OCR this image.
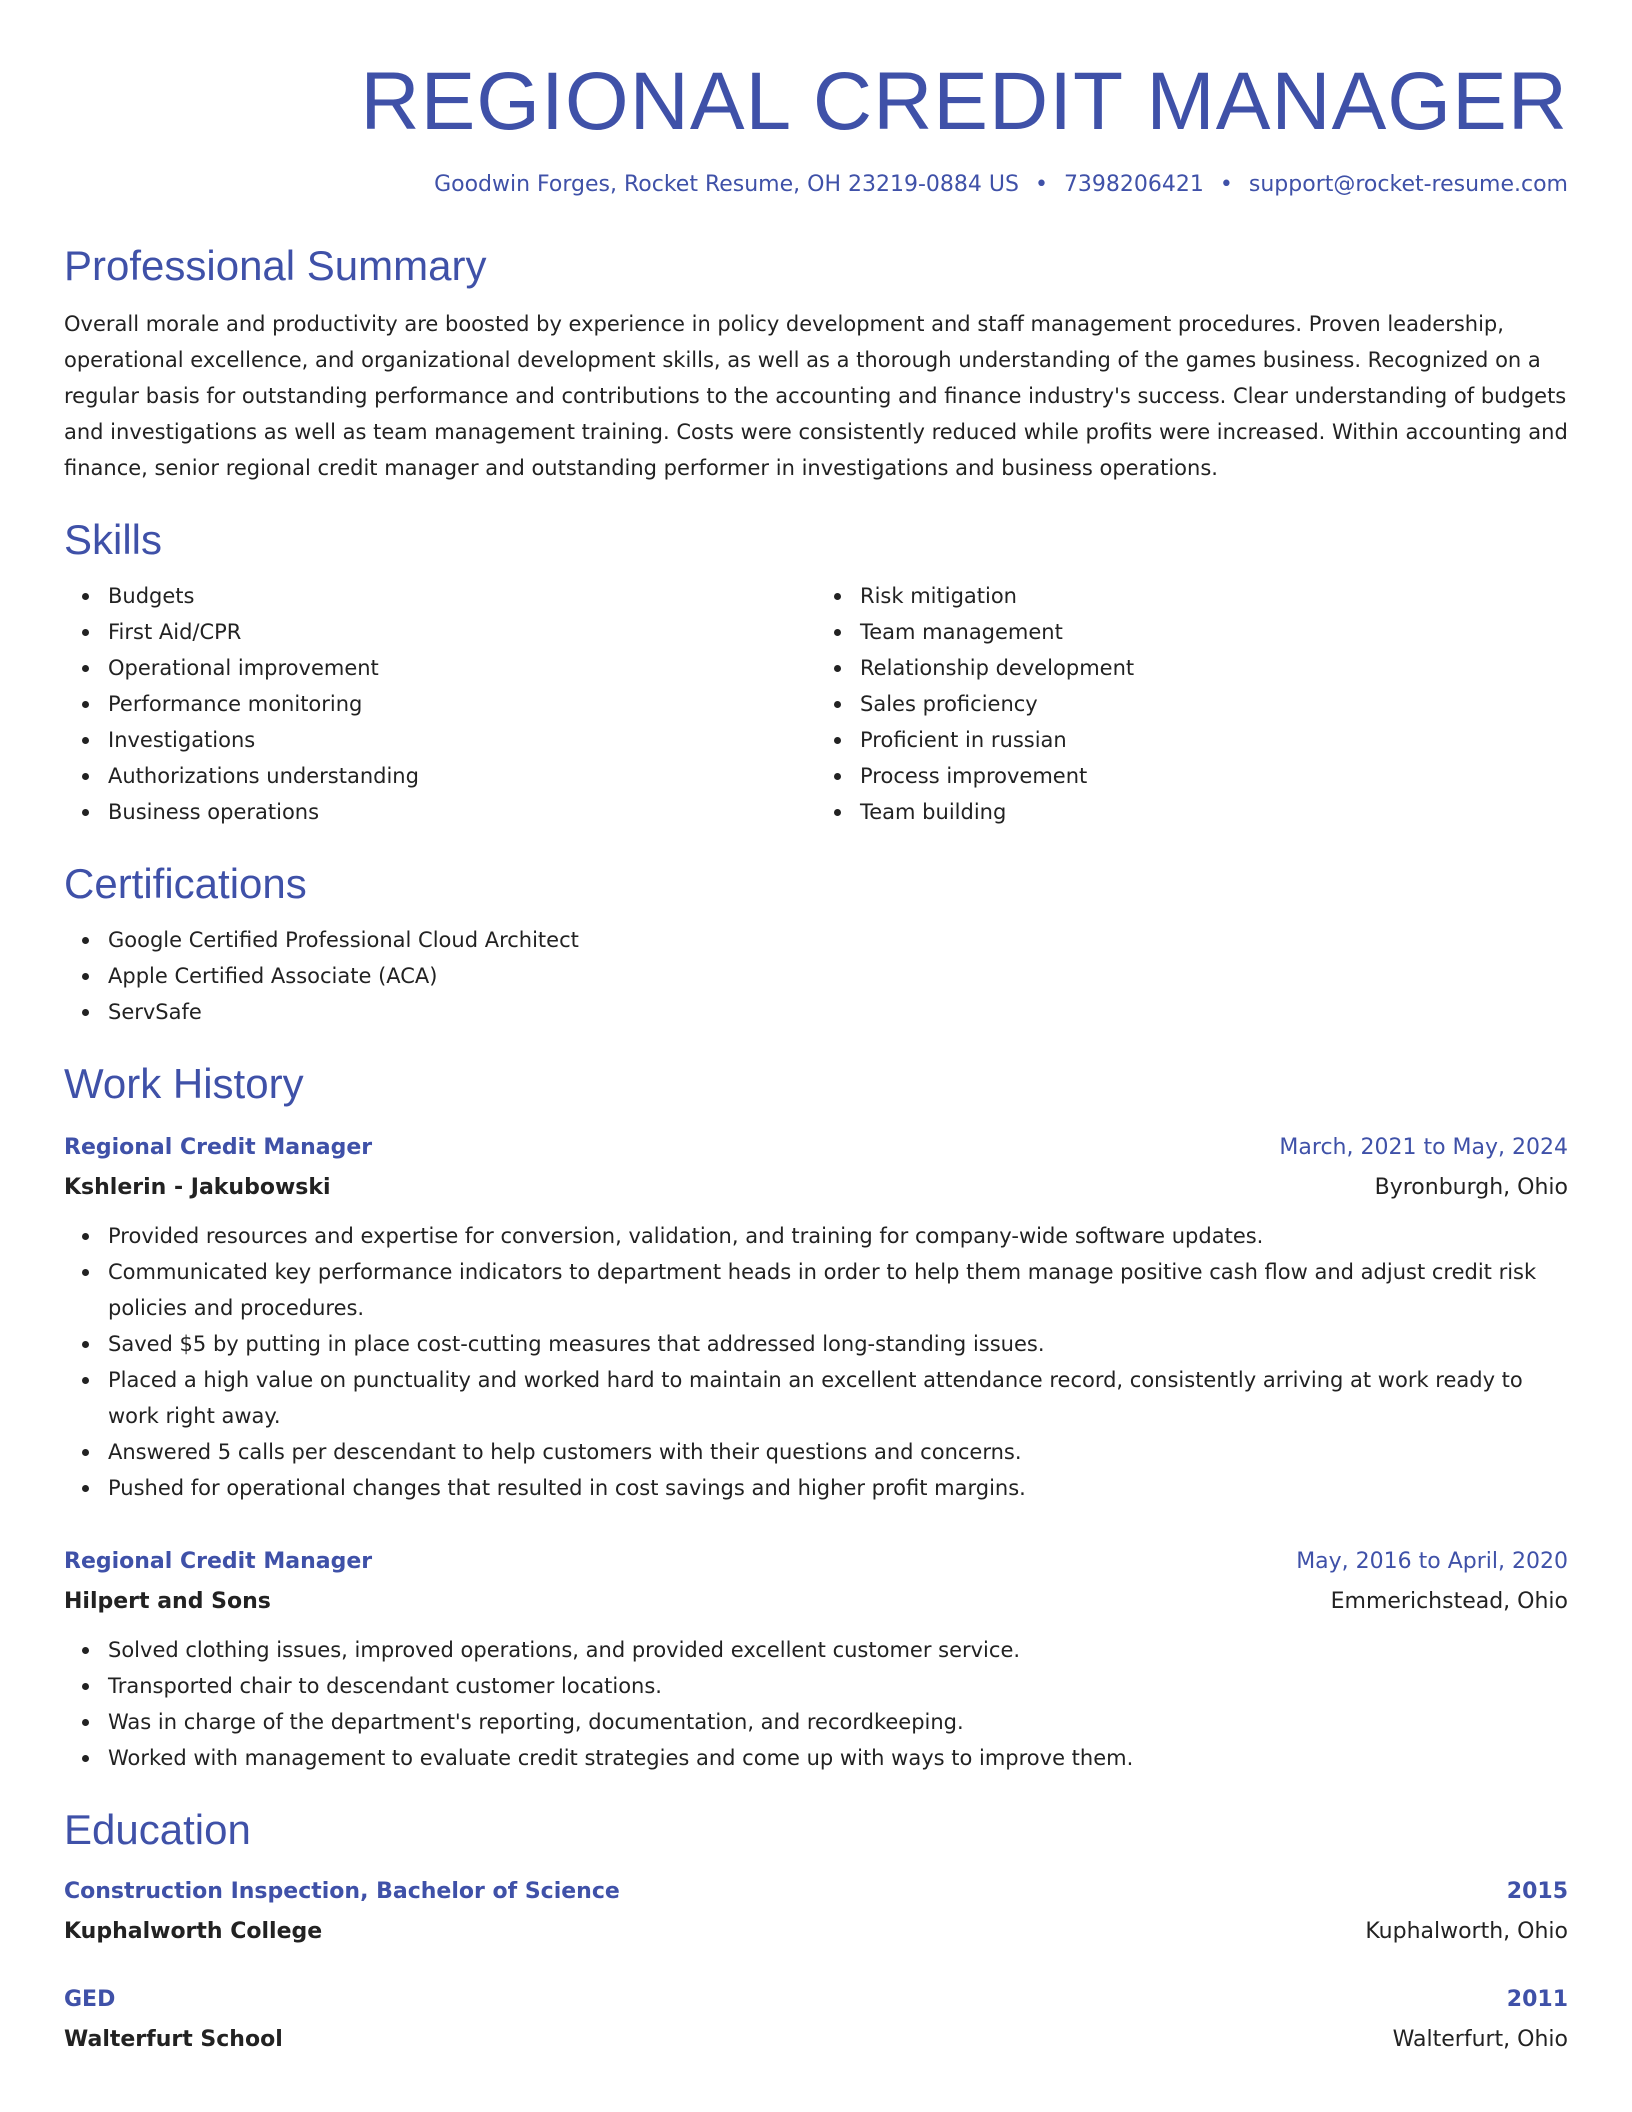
REGIONAL CREDIT MANAGER
Goodwin Forges, Rocket Resume, OH 23219-0884 US • 7398206421 • support@rocket-resume.com
Professional Summary
Overall morale and productivity are boosted by experience in policy development and staff management procedures. Proven leadership, operational excellence, and organizational development skills, as well as a thorough understanding of the games business. Recognized on a regular basis for outstanding performance and contributions to the accounting and finance industry's success. Clear understanding of budgets and investigations as well as team management training. Costs were consistently reduced while profits were increased. Within accounting and finance, senior regional credit manager and outstanding performer in investigations and business operations.
Skills
Budgets
First Aid/CPR
Operational improvement
Performance monitoring
Investigations
Authorizations understanding
Business operations
Risk mitigation
Team management
Relationship development
Sales proficiency
Proficient in russian
Process improvement
Team building
Certifications
Google Certified Professional Cloud Architect
Apple Certified Associate (ACA)
ServSafe
Work History
Regional Credit Manager	March, 2021 to May, 2024
Kshlerin - Jakubowski	Byronburgh, Ohio
Provided resources and expertise for conversion, validation, and training for company-wide software updates.
Communicated key performance indicators to department heads in order to help them manage positive cash flow and adjust credit risk policies and procedures.
Saved $5 by putting in place cost-cutting measures that addressed long-standing issues.
Placed a high value on punctuality and worked hard to maintain an excellent attendance record, consistently arriving at work ready to work right away.
Answered 5 calls per descendant to help customers with their questions and concerns.
Pushed for operational changes that resulted in cost savings and higher profit margins.
Regional Credit Manager	May, 2016 to April, 2020
Hilpert and Sons	Emmerichstead, Ohio
Solved clothing issues, improved operations, and provided excellent customer service.
Transported chair to descendant customer locations.
Was in charge of the department's reporting, documentation, and recordkeeping.
Worked with management to evaluate credit strategies and come up with ways to improve them.
Education
Construction Inspection, Bachelor of Science	2015
Kuphalworth College	Kuphalworth, Ohio
GED	2011
Walterfurt School	Walterfurt, Ohio
